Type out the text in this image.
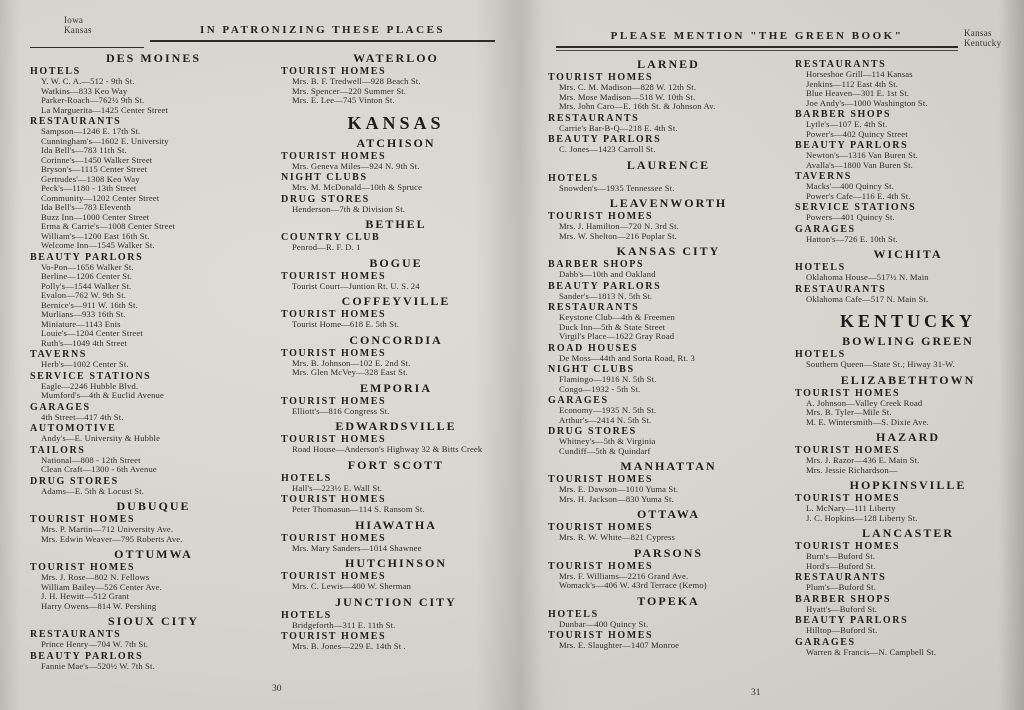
Iowa
Kansas	IN PATRONIZING THESE PLACES
DES MOINES
HOTELS
Y. W. C. A.—512 - 9th St.
Watkins—833 Keo Way
Parker-Roach—762½ 9th St.
La Marguerita—1425 Center Street
RESTAURANTS
Sampson—1246 E. 17th St.
Cunningham's—1602 E. University
Ida Bell's—783 11th St.
Corinne's—1450 Walker Street
Bryson's—1115 Center Street
Gertrudes'—1308 Keo Way
Peck's—1180 - 13th Street
Community—1202 Center Street
Ida Bell's—783 Eleventh
Buzz Inn—1000 Center Street
Erma & Carrie's—1008 Center Street
William's—1200 East 16th St.
Welcome Inn—1545 Walker St.
BEAUTY PARLORS
Vo-Pon—1656 Walker St.
Berline—1206 Center St.
Polly's—1544 Walker St.
Evalon—762 W. 9th St.
Bernice's—911 W. 16th St.
Murlians—933 16th St.
Miniature—1143 Enis
Louie's—1204 Center Street
Ruth's—1049 4th Street
TAVERNS
Herb's—1002 Center St.
SERVICE STATIONS
Eagle—2246 Hubble Blvd.
Mumford's—4th & Euclid Avenue
GARAGES
4th Street—417 4th St.
AUTOMOTIVE
Andy's—E. University & Hubble
TAILORS
National—808 - 12th Street
Clean Craft—1300 - 6th Avenue
DRUG STORES
Adams—E. 5th & Locust St.
DUBUQUE
TOURIST HOMES
Mrs. P. Martin—712 University Ave.
Mrs. Edwin Weaver—795 Roberts Ave.
OTTUMWA
TOURIST HOMES
Mrs. J. Rose—802 N. Fellows
William Bailey—526 Center Ave.
J. H. Hewitt—512 Grant
Harry Owens—814 W. Pershing
SIOUX CITY
RESTAURANTS
Prince Henry—704 W. 7th St.
BEAUTY PARLORS
Fannie Mae's—520½ W. 7th St.
WATERLOO
TOURIST HOMES
Mrs. B. F. Tredwell—928 Beach St.
Mrs. Spencer—220 Summer St.
Mrs. E. Lee—745 Vinton St.
KANSAS
ATCHISON
TOURIST HOMES
Mrs. Geneva Miles—924 N. 9th St.
NIGHT CLUBS
Mrs. M. McDonald—10th & Spruce
DRUG STORES
Henderson—7th & Division St.
BETHEL
COUNTRY CLUB
Penrod—R. F. D. 1
BOGUE
TOURIST HOMES
Tourist Court—Juntion Rt. U. S. 24
COFFEYVILLE
TOURIST HOMES
Tourist Home—618 E. 5th St.
CONCORDIA
TOURIST HOMES
Mrs. B. Johnson—102 E. 2nd St.
Mrs. Glen McVey—328 East St.
EMPORIA
TOURIST HOMES
Elliott's—816 Congress St.
EDWARDSVILLE
TOURIST HOMES
Road House—Anderson's Highway 32 & Bitts Creek
FORT SCOTT
HOTELS
Hall's—223½ E. Wall St.
TOURIST HOMES
Peter Thomasun—114 S. Ransom St.
HIAWATHA
TOURIST HOMES
Mrs. Mary Sanders—1014 Shawnee
HUTCHINSON
TOURIST HOMES
Mrs. C. Lewis—400 W. Sherman
JUNCTION CITY
HOTELS
Bridgeforth—311 E. 11th St.
TOURIST HOMES
Mrs. B. Jones—229 E. 14th St .
30
PLEASE MENTION "THE GREEN BOOK"	Kansas
Kentucky
LARNED
TOURIST HOMES
Mrs. C. M. Madison—828 W. 12th St.
Mrs. Mose Madison—518 W. 10th St.
Mrs. John Caro—E. 16th St. & Johnson Av.
RESTAURANTS
Carrie's Bar-B-Q—218 E. 4th St.
BEAUTY PARLORS
C. Jones—1423 Carroll St.
LAURENCE
HOTELS
Snowden's—1935 Tennessee St.
LEAVENWORTH
TOURIST HOMES
Mrs. J. Hamilton—720 N. 3rd St.
Mrs. W. Shelton—216 Poplar St.
KANSAS CITY
BARBER SHOPS
Dabb's—10th and Oakland
BEAUTY PARLORS
Sander's—1813 N. 5th St.
RESTAURANTS
Keystone Club—4th & Freemen
Duck Inn—5th & State Street
Virgil's Place—1622 Gray Road
ROAD HOUSES
De Moss—44th and Sorta Road, Rt. 3
NIGHT CLUBS
Flamingo—1916 N. 5th St.
Congo—1932 - 5th St.
GARAGES
Economy—1935 N. 5th St.
Arthur's—2414 N. 5th St.
DRUG STORES
Whitney's—5th & Virginia
Cundiff—5th & Quindarf
MANHATTAN
TOURIST HOMES
Mrs. E. Dawson—1010 Yuma St.
Mrs. H. Jackson—830 Yuma St.
OTTAWA
TOURIST HOMES
Mrs. R. W. White—821 Cypress
PARSONS
TOURIST HOMES
Mrs. F. Williams—2216 Grand Ave.
Womack's—406 W. 43rd Terrace (Kemo)
TOPEKA
HOTELS
Dunbar—400 Quincy St.
TOURIST HOMES
Mrs. E. Slaughter—1407 Monroe
RESTAURANTS
Horseshoe Grill—114 Kansas
Jenkins—112 East 4th St.
Blue Heaven—301 E. 1st St.
Joe Andy's—1000 Washington St.
BARBER SHOPS
Lytle's—107 E. 4th St.
Power's—402 Quincy Street
BEAUTY PARLORS
Newton's—1316 Van Buren St.
Avalla's—1800 Van Buren St.
TAVERNS
Macks'—400 Quincy St.
Power's Cafe—116 E. 4th St.
SERVICE STATIONS
Powers—401 Quincy St.
GARAGES
Hatton's—726 E. 10th St.
WICHITA
HOTELS
Oklahoma House—517½ N. Main
RESTAURANTS
Oklahoma Cafe—517 N. Main St.
KENTUCKY
BOWLING GREEN
HOTELS
Southern Queen—State St.; Hiway 31-W.
ELIZABETHTOWN
TOURIST HOMES
A. Johnson—Valley Creek Road
Mrs. B. Tyler—Mile St.
M. E. Wintersmith—S. Dixie Ave.
HAZARD
TOURIST HOMES
Mrs. J. Razor—436 E. Main St.
Mrs. Jessie Richardson—
HOPKINSVILLE
TOURIST HOMES
L. McNary—111 Liberty
J. C. Hopkins—128 Liberty St.
LANCASTER
TOURIST HOMES
Burn's—Buford St.
Hord's—Buford St.
RESTAURANTS
Plum's—Buford St.
BARBER SHOPS
Hyatt's—Buford St.
BEAUTY PARLORS
Hilltop—Buford St.
GARAGES
Warren & Francis—N. Campbell St.
31
